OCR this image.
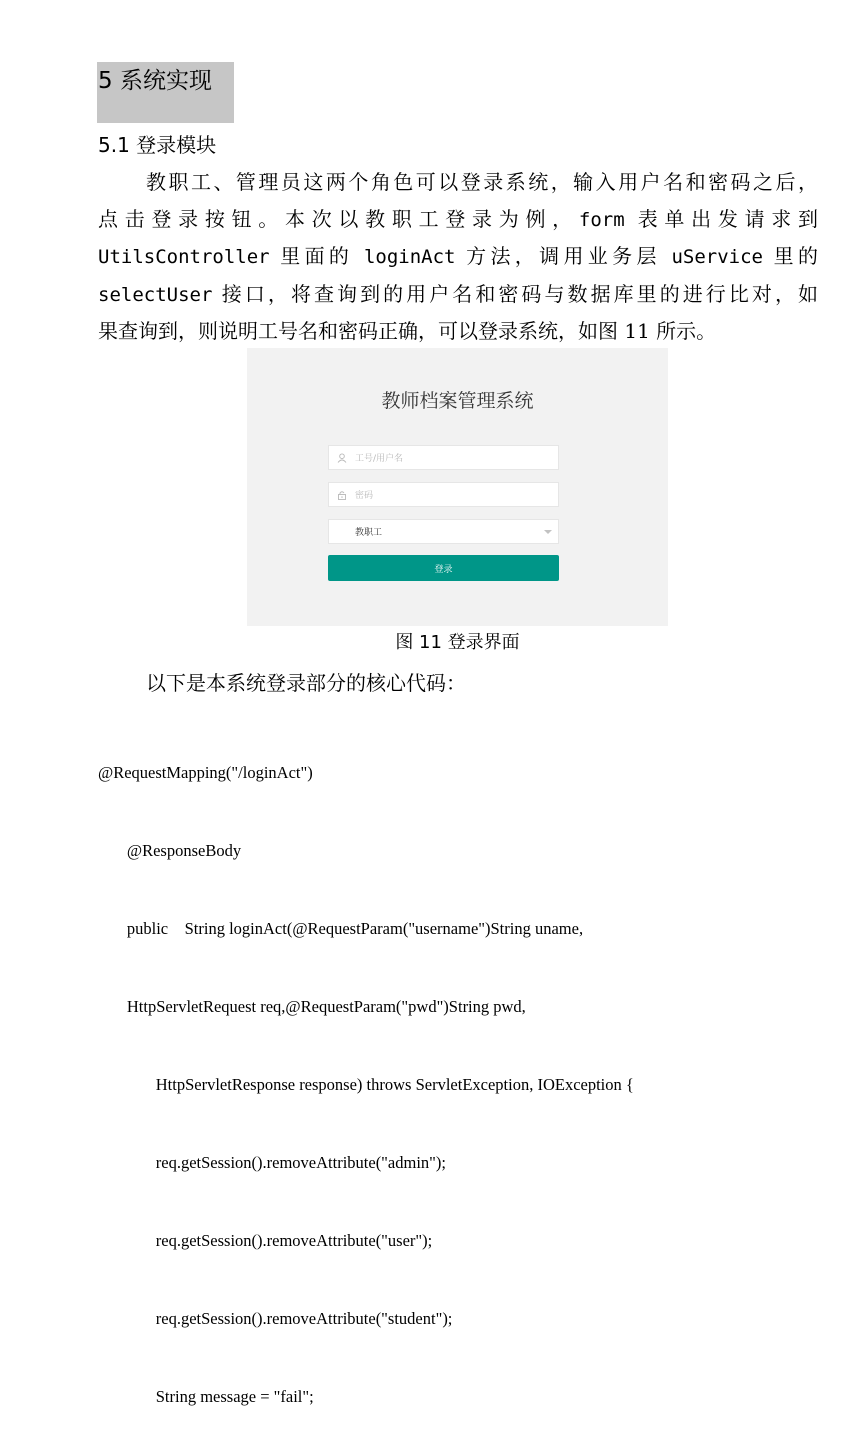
5 系统实现
5.1 登录模块
教职工、管理员这两个角色可以登录系统，输入用户名和密码之后，
点击登录按钮。本次以教职工登录为例，form 表单出发请求到
UtilsController 里面的 loginAct 方法，调用业务层 uService 里的
selectUser 接口，将查询到的用户名和密码与数据库里的进行比对，如
果查询到，则说明工号名和密码正确，可以登录系统，如图 11 所示。
教师档案管理系统
工号/用户名
密码
教职工
登录
图 11 登录界面
以下是本系统登录部分的核心代码：

@RequestMapping("/loginAct")

@ResponseBody

public    String loginAct(@RequestParam("username")String uname,

HttpServletRequest req,@RequestParam("pwd")String pwd,

HttpServletResponse response) throws ServletException, IOException {

req.getSession().removeAttribute("admin");

req.getSession().removeAttribute("user");

req.getSession().removeAttribute("student");

String message = "fail";
